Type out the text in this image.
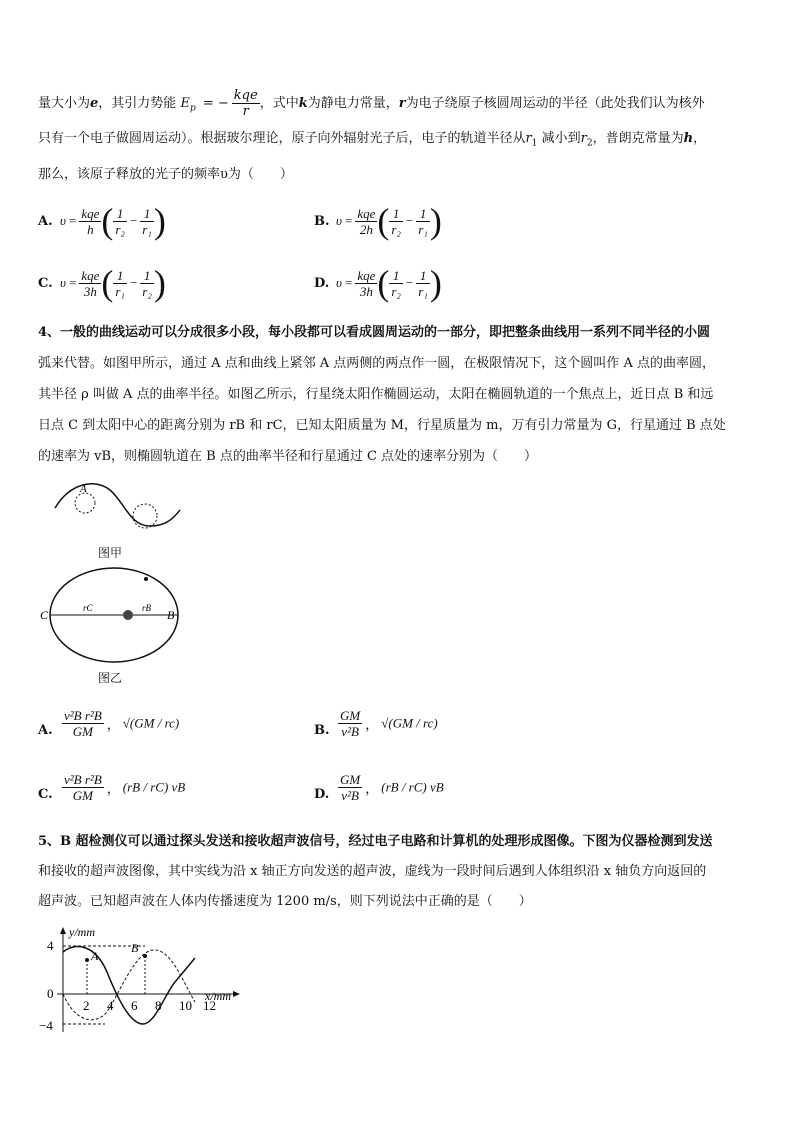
量大小为e，其引力势能 $E_p$ = − $\frac{\text{kqe}}{r}$ ，式中k为静电力常量，r为电子绕原子核圆周运动的半径（此处我们认为核外
只有一个电子做圆周运动）。根据玻尔理论，原子向外辐射光子后，电子的轨道半径从$r_1$ 减小到$r_2$，普朗克常量为h，
那么，该原子释放的光子的频率υ为（　　）
A. $\upsilon = \frac{\text{kqe}}{h}$ ( $\frac{1}{\text{r₂}} - \frac{1}{\text{r₁}}$ )	B. $\upsilon = \frac{\text{kqe}}{2h}$ ( $\frac{1}{\text{r₂}} - \frac{1}{\text{r₁}}$ )
C. $\upsilon = \frac{\text{kqe}}{3h}$ ( $\frac{1}{\text{r₁}} - \frac{1}{\text{r₂}}$ )	D. $\upsilon = \frac{\text{kqe}}{3h}$ ( $\frac{1}{\text{r₂}} - \frac{1}{\text{r₁}}$ )
4、一般的曲线运动可以分成很多小段，每小段都可以看成圆周运动的一部分，即把整条曲线用一系列不同半径的小圆
弧来代替。如图甲所示，通过 A 点和曲线上紧邻 A 点两侧的两点作一圆，在极限情况下，这个圆叫作 A 点的曲率圆，
其半径 ρ 叫做 A 点的曲率半径。如图乙所示，行星绕太阳作椭圆运动，太阳在椭圆轨道的一个焦点上，近日点 B 和远
日点 C 到太阳中心的距离分别为 rB 和 rC，已知太阳质量为 M，行星质量为 m，万有引力常量为 G，行星通过 B 点处
的速率为 vB，则椭圆轨道在 B 点的曲率半径和行星通过 C 点处的速率分别为（　　）
A
图甲
C	B
rC	rB
图乙
A. $\frac{\text{v²B r²B}}{GM}$ ， √(GM / rc)	B. $\frac{GM}{\text{v²B}}$ ， √(GM / rc)
C. $\frac{\text{v²B r²B}}{GM}$ ， (rB / rC) vB	D. $\frac{GM}{\text{v²B}}$ ， (rB / rC) vB
5、B 超检测仪可以通过探头发送和接收超声波信号，经过电子电路和计算机的处理形成图像。下图为仪器检测到发送
和接收的超声波图像，其中实线为沿 x 轴正方向发送的超声波，虚线为一段时间后遇到人体组织沿 x 轴负方向返回的
超声波。已知超声波在人体内传播速度为 1200 m/s，则下列说法中正确的是（　　）
y/mm
x/mm
A
B
4
0
−4
2 4 6 8 10 12
